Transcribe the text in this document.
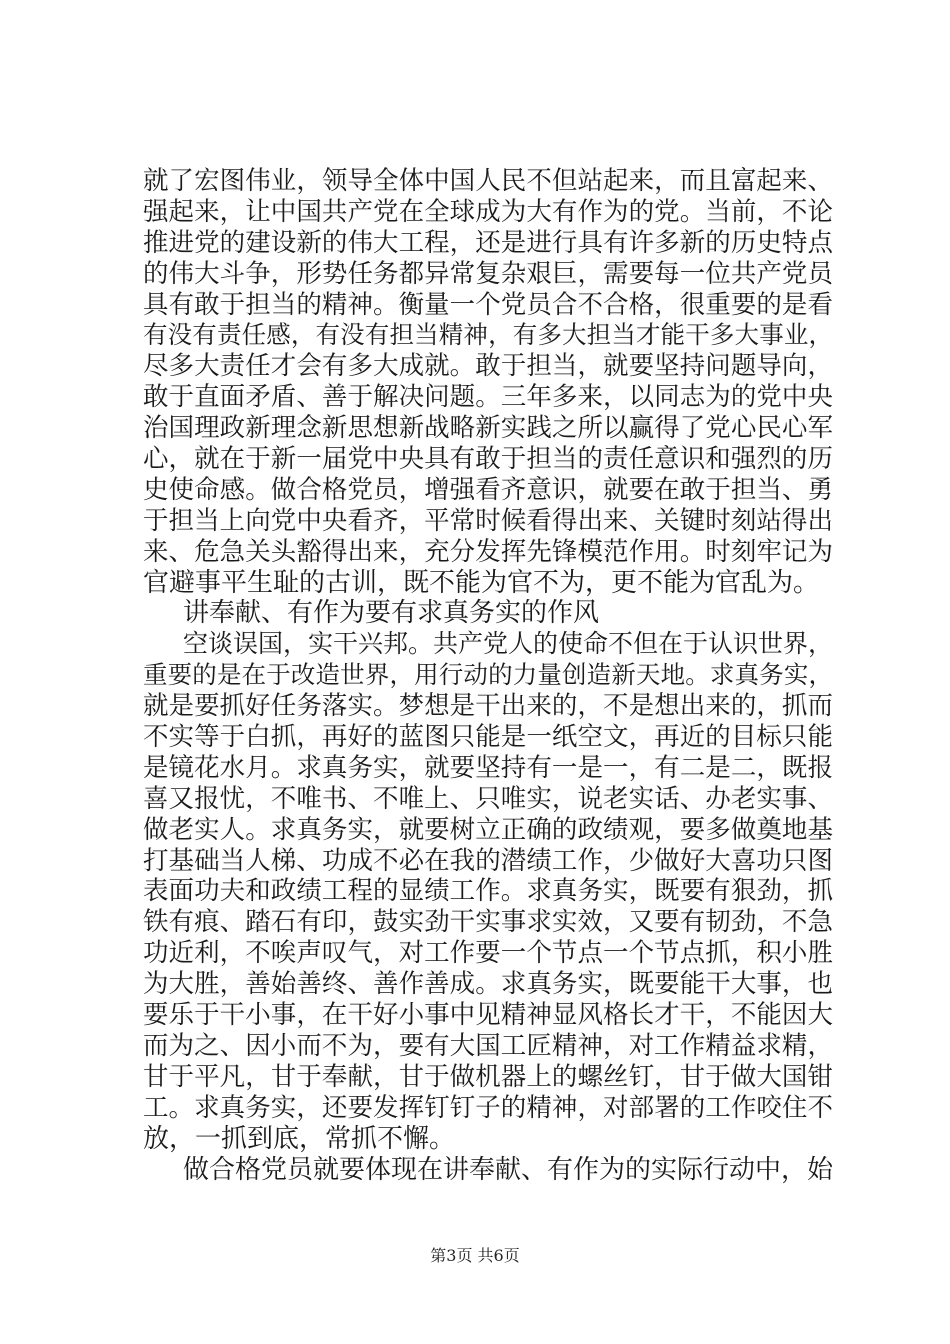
就了宏图伟业，领导全体中国人民不但站起来，而且富起来、
强起来，让中国共产党在全球成为大有作为的党。当前，不论
推进党的建设新的伟大工程，还是进行具有许多新的历史特点
的伟大斗争，形势任务都异常复杂艰巨，需要每一位共产党员
具有敢于担当的精神。衡量一个党员合不合格，很重要的是看
有没有责任感，有没有担当精神，有多大担当才能干多大事业，
尽多大责任才会有多大成就。敢于担当，就要坚持问题导向，
敢于直面矛盾、善于解决问题。三年多来，以同志为的党中央
治国理政新理念新思想新战略新实践之所以赢得了党心民心军
心，就在于新一届党中央具有敢于担当的责任意识和强烈的历
史使命感。做合格党员，增强看齐意识，就要在敢于担当、勇
于担当上向党中央看齐，平常时候看得出来、关键时刻站得出
来、危急关头豁得出来，充分发挥先锋模范作用。时刻牢记为
官避事平生耻的古训，既不能为官不为，更不能为官乱为。
讲奉献、有作为要有求真务实的作风
空谈误国，实干兴邦。共产党人的使命不但在于认识世界，
重要的是在于改造世界，用行动的力量创造新天地。求真务实，
就是要抓好任务落实。梦想是干出来的，不是想出来的，抓而
不实等于白抓，再好的蓝图只能是一纸空文，再近的目标只能
是镜花水月。求真务实，就要坚持有一是一，有二是二，既报
喜又报忧，不唯书、不唯上、只唯实，说老实话、办老实事、
做老实人。求真务实，就要树立正确的政绩观，要多做奠地基
打基础当人梯、功成不必在我的潜绩工作，少做好大喜功只图
表面功夫和政绩工程的显绩工作。求真务实，既要有狠劲，抓
铁有痕、踏石有印，鼓实劲干实事求实效，又要有韧劲，不急
功近利，不唉声叹气，对工作要一个节点一个节点抓，积小胜
为大胜，善始善终、善作善成。求真务实，既要能干大事，也
要乐于干小事，在干好小事中见精神显风格长才干，不能因大
而为之、因小而不为，要有大国工匠精神，对工作精益求精，
甘于平凡，甘于奉献，甘于做机器上的螺丝钉，甘于做大国钳
工。求真务实，还要发挥钉钉子的精神，对部署的工作咬住不
放，一抓到底，常抓不懈。
做合格党员就要体现在讲奉献、有作为的实际行动中，始
第3页 共6页
